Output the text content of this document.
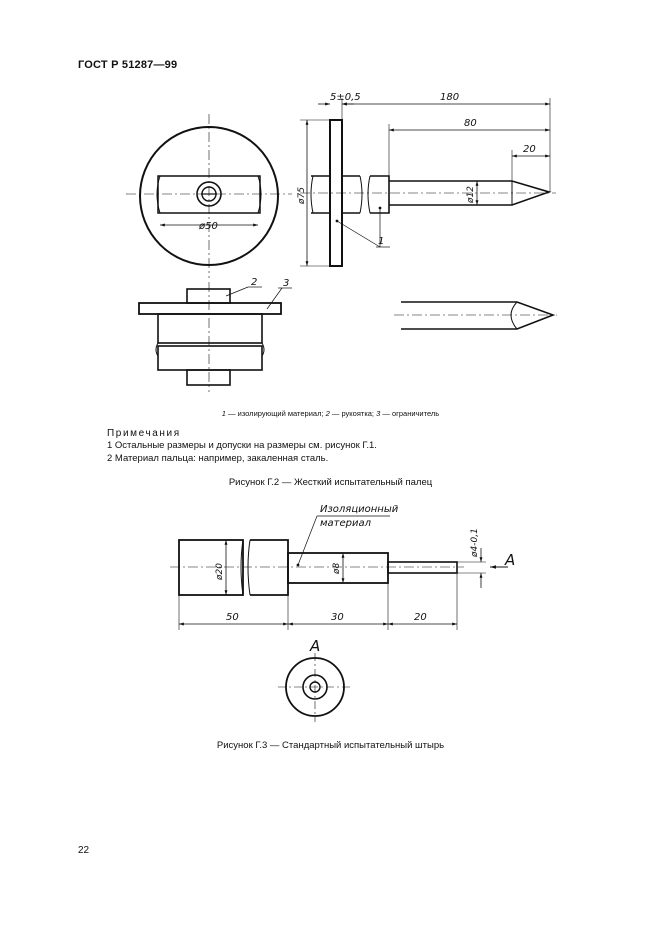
ГОСТ Р 51287—99
ø50
5±0,5	180
80
20
ø75	ø12
1
2	3
Изоляционный
материал
ø20	ø8
ø4-0,1
A
50	30	20
A
1 — изолирующий материал; 2 — рукоятка; 3 — ограничитель
Примечания
1 Остальные размеры и допуски на размеры см. рисунок Г.1.
2 Материал пальца: например, закаленная сталь.
Рисунок Г.2 — Жесткий испытательный палец
Рисунок Г.3 — Стандартный испытательный штырь
22
